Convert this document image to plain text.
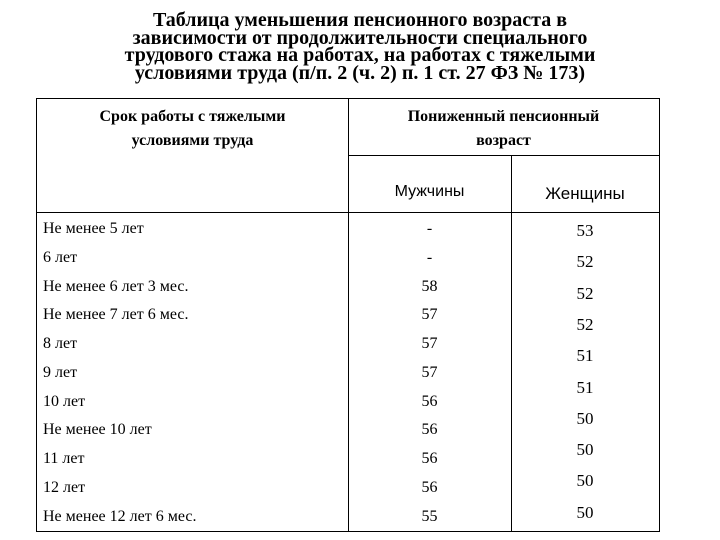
Таблица уменьшения пенсионного возраста в
зависимости от продолжительности специального
трудового стажа на работах, на работах с тяжелыми
условиями труда (п/п. 2 (ч. 2) п. 1 ст. 27 ФЗ № 173)
Срок работы с тяжелыми
условиями труда
Пониженный пенсионный
возраст
Мужчины	Женщины
Не менее 5 лет
6 лет
Не менее 6 лет 3 мес.
Не менее 7 лет 6 мес.
8 лет
9 лет
10 лет
Не менее 10 лет
11 лет
12 лет
Не менее 12 лет 6 мес.
-
-
58
57
57
57
56
56
56
56
55
53
52
52
52
51
51
50
50
50
50
